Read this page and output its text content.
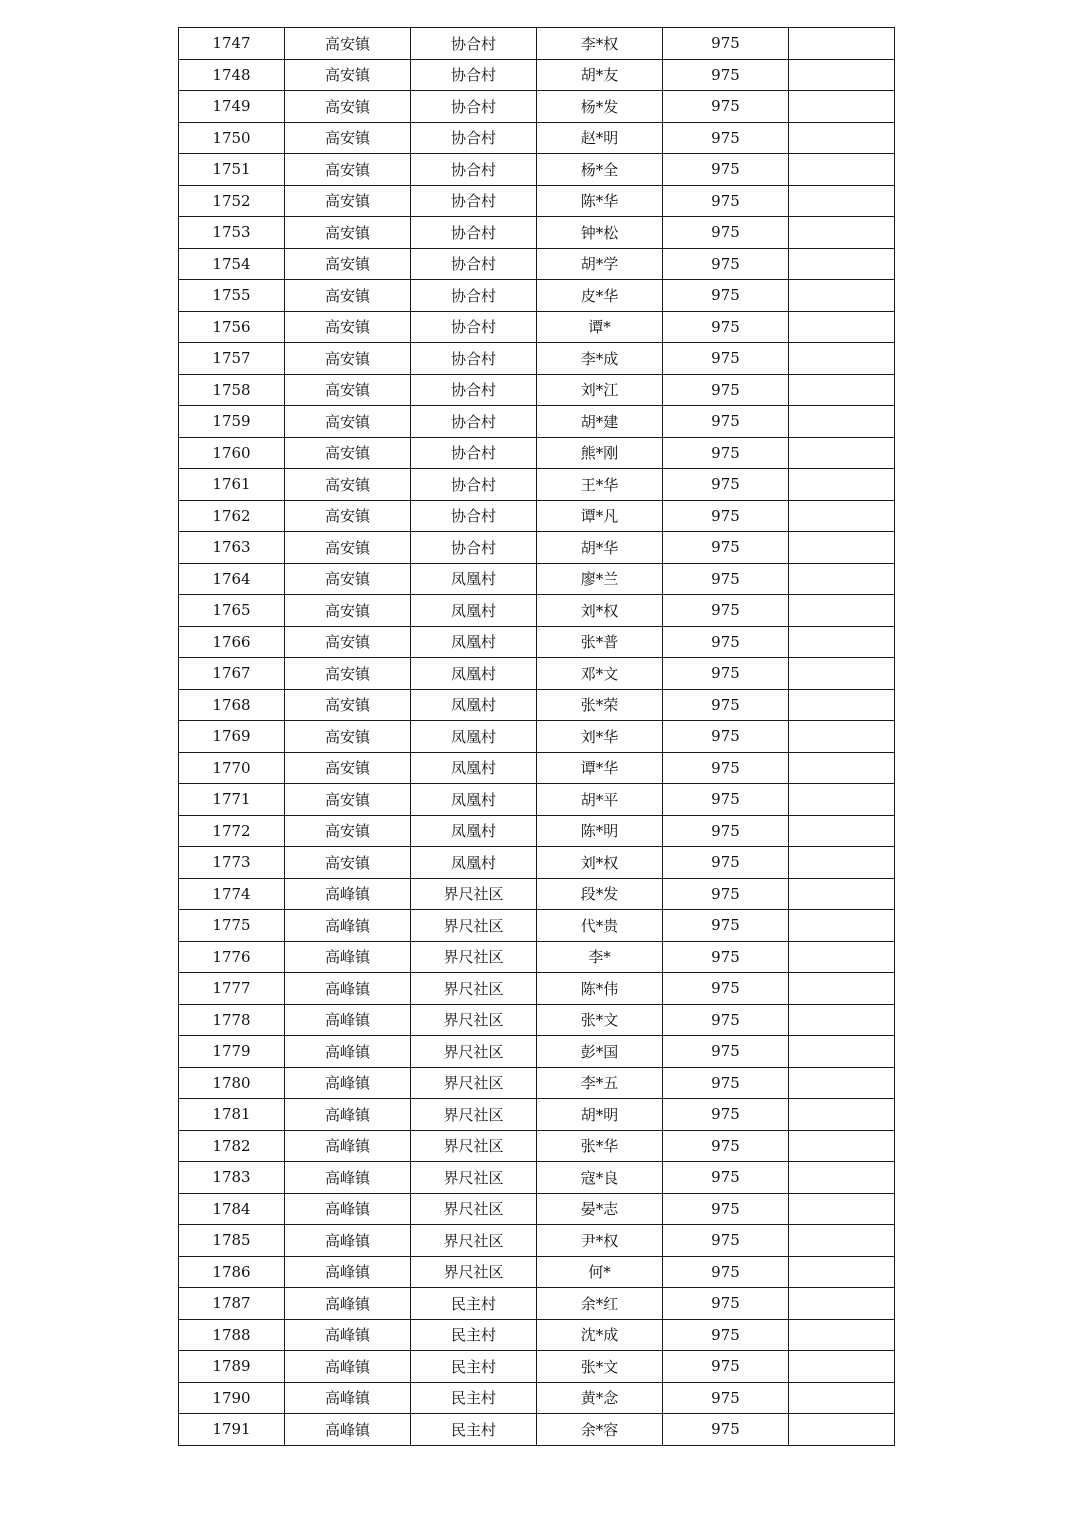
1747	高安镇	协合村	李*权	975	
1748	高安镇	协合村	胡*友	975	
1749	高安镇	协合村	杨*发	975	
1750	高安镇	协合村	赵*明	975	
1751	高安镇	协合村	杨*全	975	
1752	高安镇	协合村	陈*华	975	
1753	高安镇	协合村	钟*松	975	
1754	高安镇	协合村	胡*学	975	
1755	高安镇	协合村	皮*华	975	
1756	高安镇	协合村	谭*	975	
1757	高安镇	协合村	李*成	975	
1758	高安镇	协合村	刘*江	975	
1759	高安镇	协合村	胡*建	975	
1760	高安镇	协合村	熊*刚	975	
1761	高安镇	协合村	王*华	975	
1762	高安镇	协合村	谭*凡	975	
1763	高安镇	协合村	胡*华	975	
1764	高安镇	凤凰村	廖*兰	975	
1765	高安镇	凤凰村	刘*权	975	
1766	高安镇	凤凰村	张*普	975	
1767	高安镇	凤凰村	邓*文	975	
1768	高安镇	凤凰村	张*荣	975	
1769	高安镇	凤凰村	刘*华	975	
1770	高安镇	凤凰村	谭*华	975	
1771	高安镇	凤凰村	胡*平	975	
1772	高安镇	凤凰村	陈*明	975	
1773	高安镇	凤凰村	刘*权	975	
1774	高峰镇	界尺社区	段*发	975	
1775	高峰镇	界尺社区	代*贵	975	
1776	高峰镇	界尺社区	李*	975	
1777	高峰镇	界尺社区	陈*伟	975	
1778	高峰镇	界尺社区	张*文	975	
1779	高峰镇	界尺社区	彭*国	975	
1780	高峰镇	界尺社区	李*五	975	
1781	高峰镇	界尺社区	胡*明	975	
1782	高峰镇	界尺社区	张*华	975	
1783	高峰镇	界尺社区	寇*良	975	
1784	高峰镇	界尺社区	晏*志	975	
1785	高峰镇	界尺社区	尹*权	975	
1786	高峰镇	界尺社区	何*	975	
1787	高峰镇	民主村	余*红	975	
1788	高峰镇	民主村	沈*成	975	
1789	高峰镇	民主村	张*文	975	
1790	高峰镇	民主村	黄*念	975	
1791	高峰镇	民主村	余*容	975	
